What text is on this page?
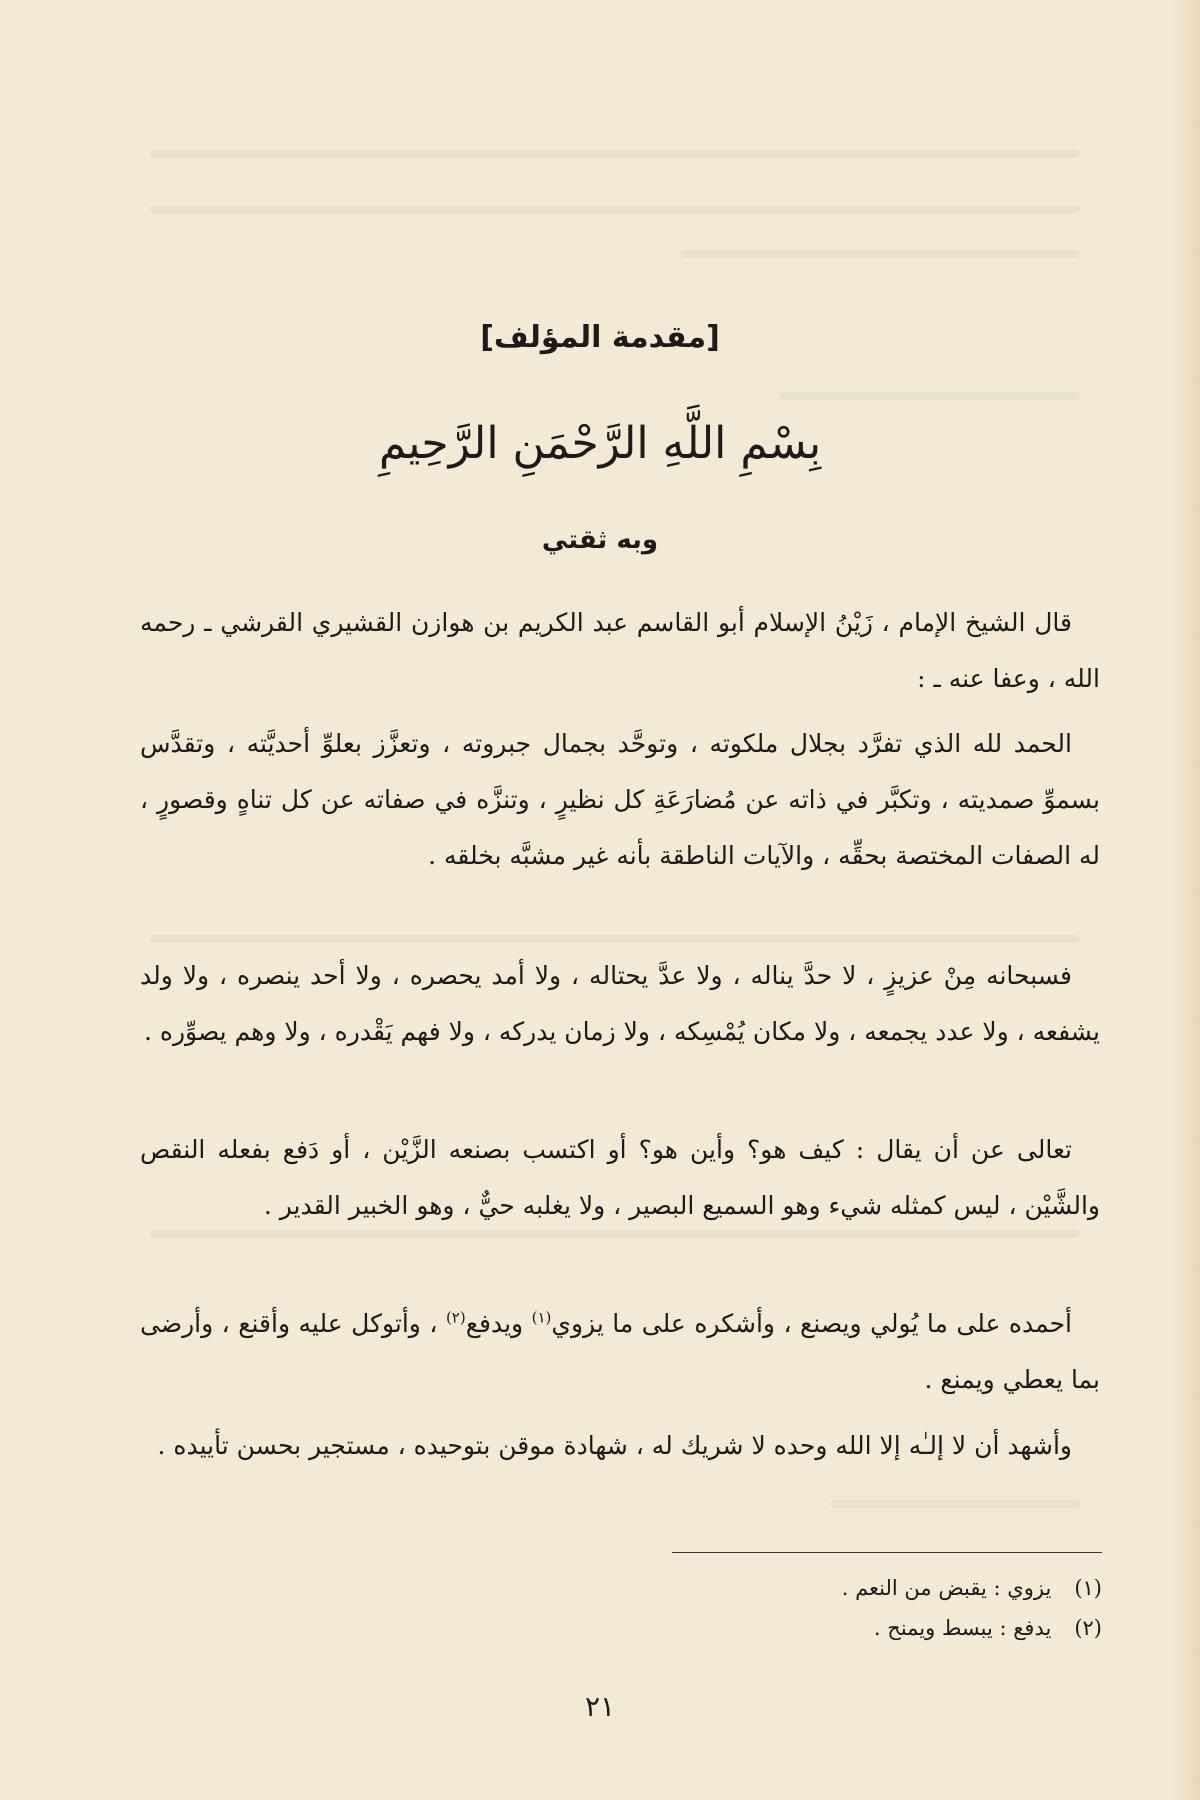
[مقدمة المؤلف]
بِسْمِ اللَّهِ الرَّحْمَنِ الرَّحِيمِ
وبه ثقتي

قال الشيخ الإمام ، زَيْنُ الإسلام أبو القاسم عبد الكريم بن هوازن القشيري القرشي ـ رحمه الله ، وعفا عنه ـ :

الحمد لله الذي تفرَّد بجلال ملكوته ، وتوحَّد بجمال جبروته ، وتعزَّز بعلوِّ أحديَّته ، وتقدَّس بسموِّ صمديته ، وتكبَّر في ذاته عن مُضارَعَةِ كل نظيرٍ ، وتنزَّه في صفاته عن كل تناهٍ وقصورٍ ، له الصفات المختصة بحقِّه ، والآيات الناطقة بأنه غير مشبَّه بخلقه .

فسبحانه مِنْ عزيزٍ ، لا حدَّ يناله ، ولا عدَّ يحتاله ، ولا أمد يحصره ، ولا أحد ينصره ، ولا ولد يشفعه ، ولا عدد يجمعه ، ولا مكان يُمْسِكه ، ولا زمان يدركه ، ولا فهم يَقْدره ، ولا وهم يصوِّره .

تعالى عن أن يقال : كيف هو؟ وأين هو؟ أو اكتسب بصنعه الزَّيْن ، أو دَفع بفعله النقص والشَّيْن ، ليس كمثله شيء وهو السميع البصير ، ولا يغلبه حيٌّ ، وهو الخبير القدير .

أحمده على ما يُولي ويصنع ، وأشكره على ما يزوي$^{(١)}$ ويدفع$^{(٢)}$ ، وأتوكل عليه وأقنع ، وأرضى بما يعطي ويمنع .

وأشهد أن لا إلـٰه إلا الله وحده لا شريك له ، شهادة موقن بتوحيده ، مستجير بحسن تأييده .

(١) يزوي : يقبض من النعم .
(٢) يدفع : يبسط ويمنح .
٢١
